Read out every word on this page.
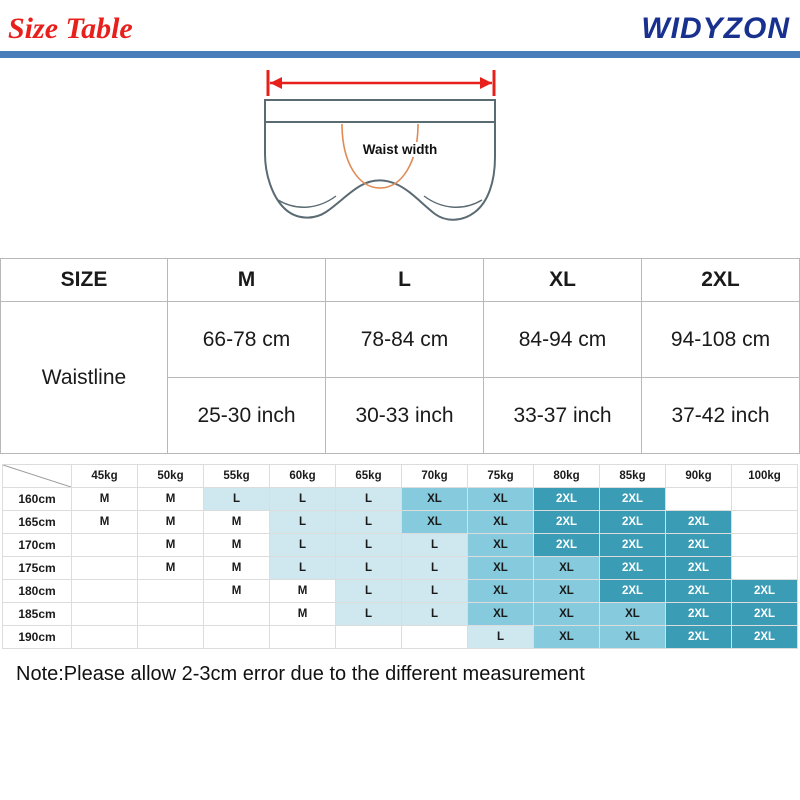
Size Table	WIDYZON
Waist width
SIZE	M	L	XL	2XL
Waistline	66-78 cm	78-84 cm	84-94 cm	94-108 cm
	25-30 inch	30-33 inch	33-37 inch	37-42 inch
	45kg	50kg	55kg	60kg	65kg	70kg	75kg	80kg	85kg	90kg	100kg
160cm	M	M	L	L	L	XL	XL	2XL	2XL		
165cm	M	M	M	L	L	XL	XL	2XL	2XL	2XL	
170cm		M	M	L	L	L	XL	2XL	2XL	2XL	
175cm		M	M	L	L	L	XL	XL	2XL	2XL	
180cm			M	M	L	L	XL	XL	2XL	2XL	2XL
185cm				M	L	L	XL	XL	XL	2XL	2XL
190cm							L	XL	XL	2XL	2XL
Note:Please allow 2-3cm error due to the different measurement
